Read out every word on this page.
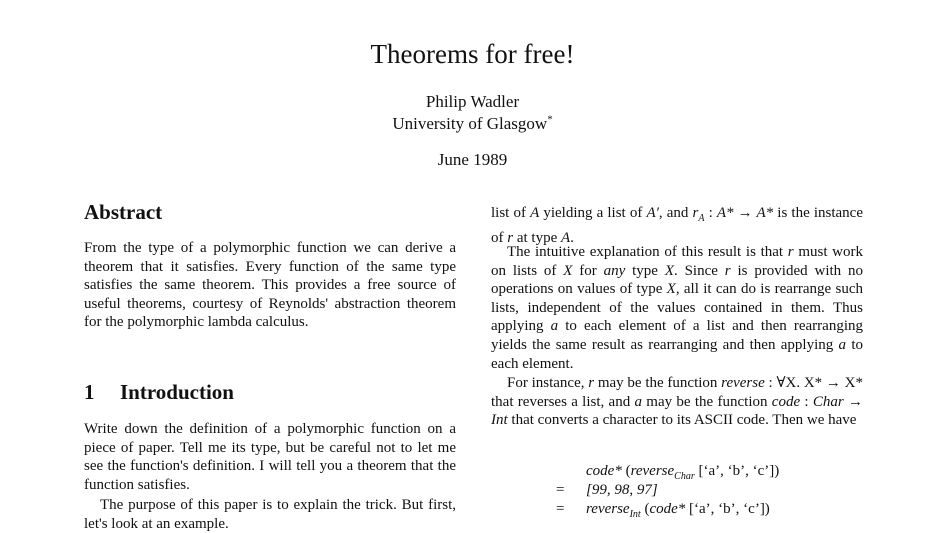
Theorems for free!
Philip Wadler
University of Glasgow*
June 1989
Abstract
From the type of a polymorphic function we can derive a theorem that it satisfies. Every function of the same type satisfies the same theorem. This provides a free source of useful theorems, courtesy of Reynolds' abstraction theorem for the polymorphic lambda calculus.
1 Introduction
Write down the definition of a polymorphic function on a piece of paper. Tell me its type, but be careful not to let me see the function's definition. I will tell you a theorem that the function satisfies.
The purpose of this paper is to explain the trick. But first, let's look at an example.
list of A yielding a list of A′, and $r_A$ : A* → A* is the instance of r at type A.
The intuitive explanation of this result is that r must work on lists of X for any type X. Since r is provided with no operations on values of type X, all it can do is rearrange such lists, independent of the values contained in them. Thus applying a to each element of a list and then rearranging yields the same result as rearranging and then applying a to each element.
For instance, r may be the function reverse : ∀X. X* → X* that reverses a list, and a may be the function code : Char → Int that converts a character to its ASCII code. Then we have
code* (reverse$_{Char}$ [‘a’, ‘b’, ‘c’])
=	[99, 98, 97]
=	reverse$_{Int}$ (code* [‘a’, ‘b’, ‘c’])
